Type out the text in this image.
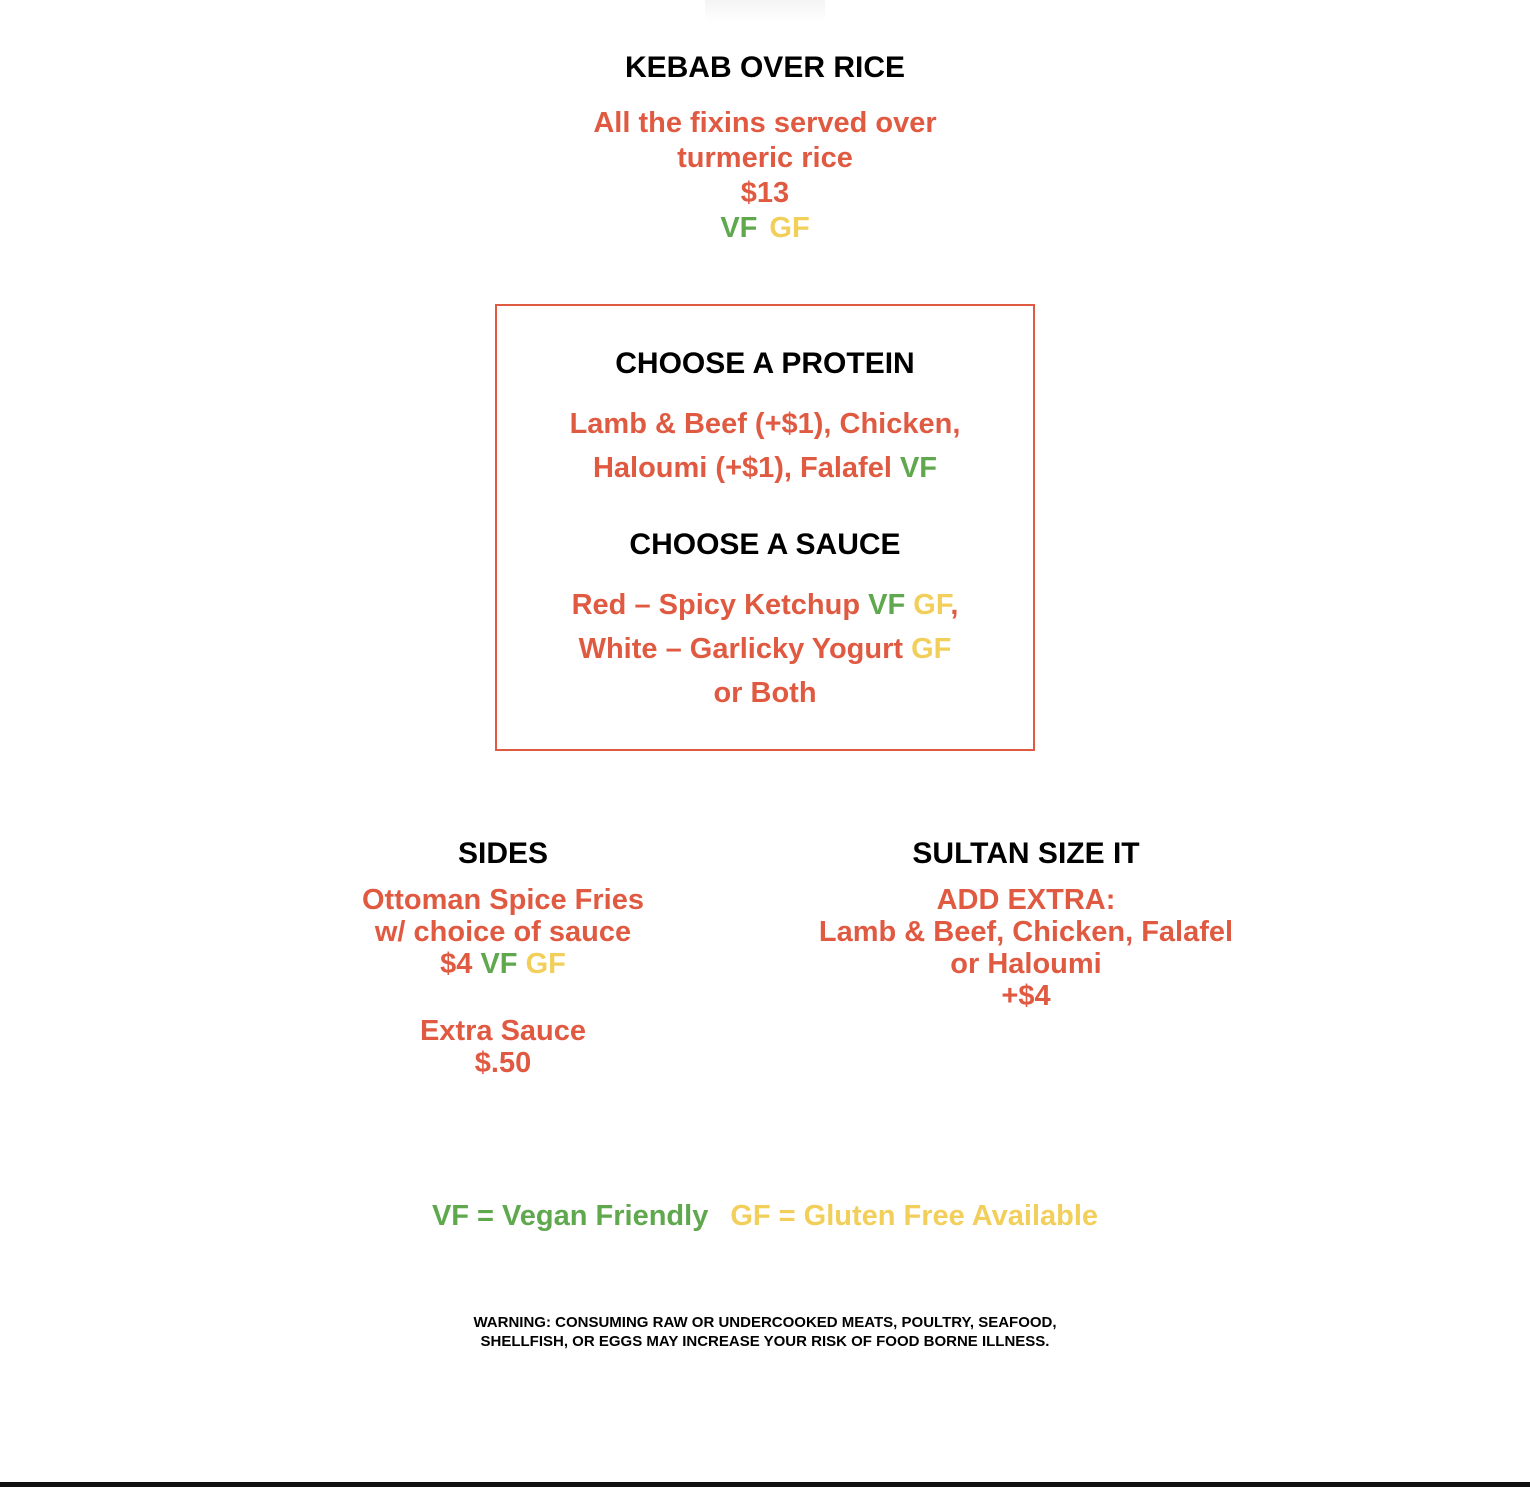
KEBAB OVER RICE
All the fixins served over
turmeric rice
$13
VF GF
CHOOSE A PROTEIN
Lamb & Beef (+$1), Chicken,
Haloumi (+$1), Falafel VF
CHOOSE A SAUCE
Red – Spicy Ketchup VF GF,
White – Garlicky Yogurt GF
or Both
SIDES
Ottoman Spice Fries
w/ choice of sauce
$4 VF GF
Extra Sauce
$.50
SULTAN SIZE IT
ADD EXTRA:
Lamb & Beef, Chicken, Falafel
or Haloumi
+$4
VF = Vegan Friendly GF = Gluten Free Available
WARNING: CONSUMING RAW OR UNDERCOOKED MEATS, POULTRY, SEAFOOD,
SHELLFISH, OR EGGS MAY INCREASE YOUR RISK OF FOOD BORNE ILLNESS.
